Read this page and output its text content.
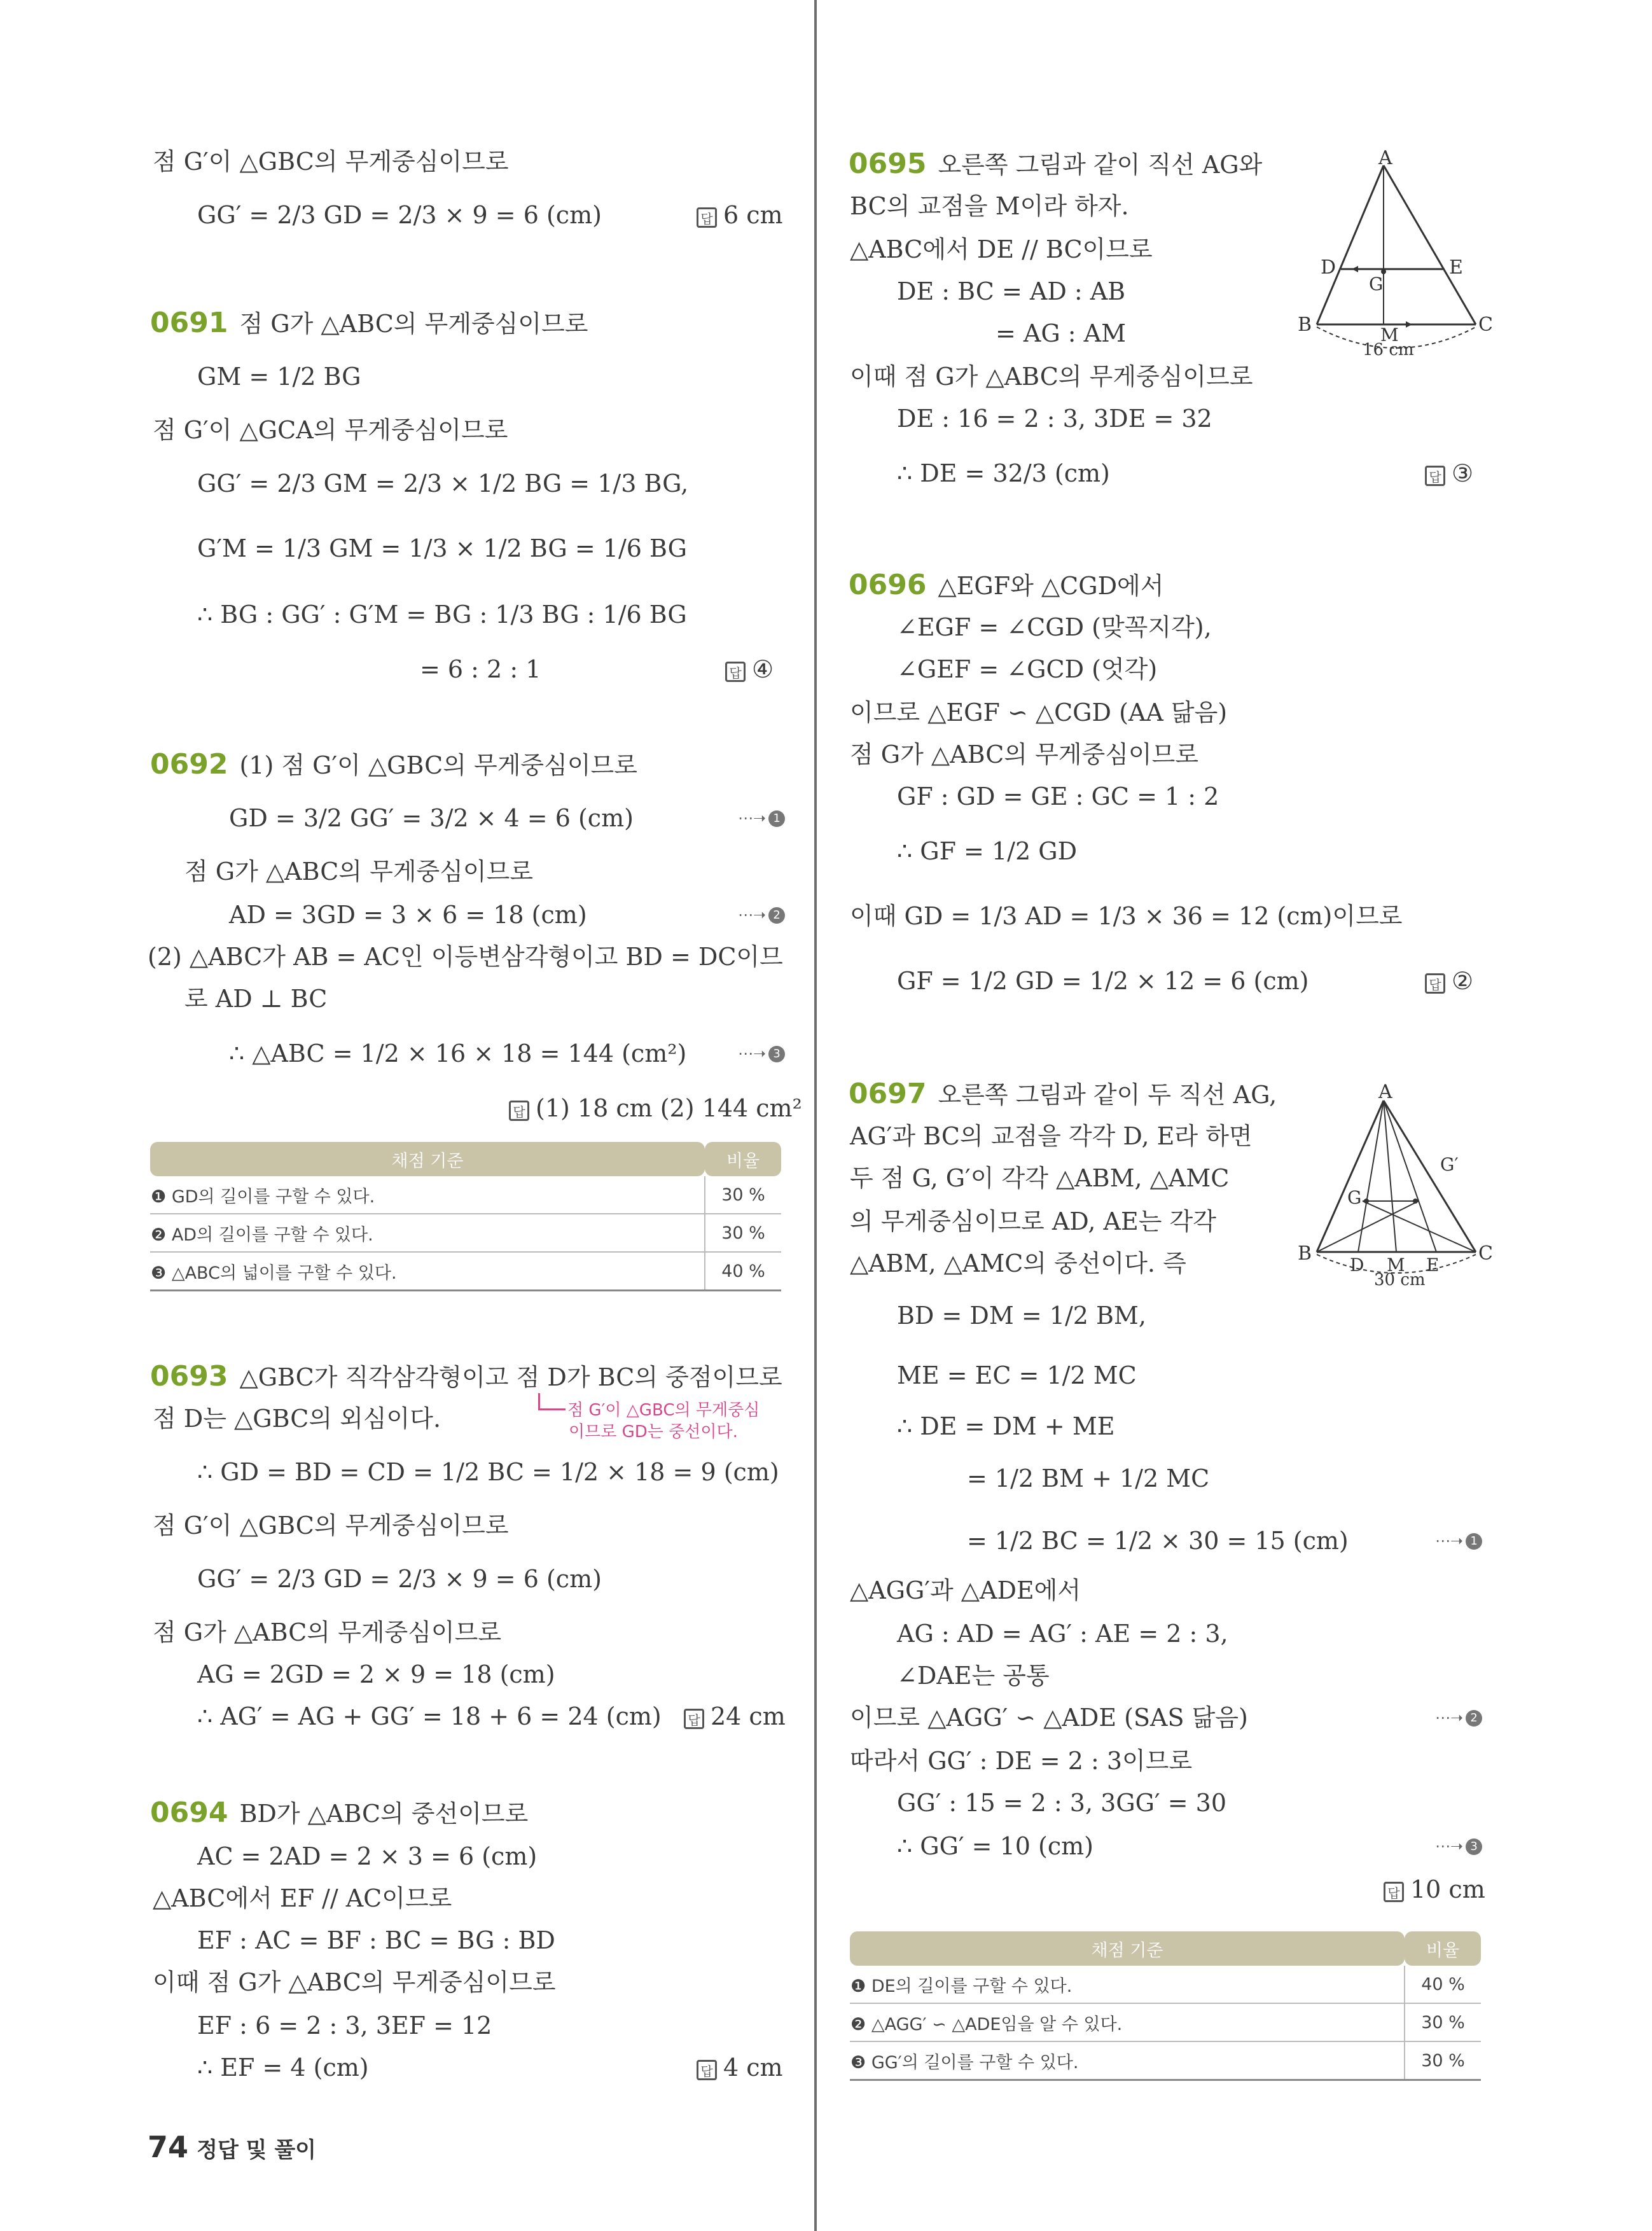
점 G′이 △GBC의 무게중심이므로
GG′ = 2/3 GD = 2/3 × 9 = 6 (cm)	답 6 cm
0691 점 G가 △ABC의 무게중심이므로
GM = 1/2 BG
점 G′이 △GCA의 무게중심이므로
GG′ = 2/3 GM = 2/3 × 1/2 BG = 1/3 BG,
G′M = 1/3 GM = 1/3 × 1/2 BG = 1/6 BG
∴ BG : GG′ : G′M = BG : 1/3 BG : 1/6 BG
= 6 : 2 : 1	답 ④
0692 (1) 점 G′이 △GBC의 무게중심이므로
GD = 3/2 GG′ = 3/2 × 4 = 6 (cm)	⋯➝ 1
점 G가 △ABC의 무게중심이므로
AD = 3GD = 3 × 6 = 18 (cm)	⋯➝ 2
(2) △ABC가 AB = AC인 이등변삼각형이고 BD = DC이므
로 AD ⊥ BC
∴ △ABC = 1/2 × 16 × 18 = 144 (cm²)	⋯➝ 3
답 (1) 18 cm (2) 144 cm²
채점 기준	비율
❶ GD의 길이를 구할 수 있다.	30 %
❷ AD의 길이를 구할 수 있다.	30 %
❸ △ABC의 넓이를 구할 수 있다.	40 %
0693 △GBC가 직각삼각형이고 점 D가 BC의 중점이므로
점 D는 △GBC의 외심이다.	점 G′이 △GBC의 무게중심
이므로 GD는 중선이다.
∴ GD = BD = CD = 1/2 BC = 1/2 × 18 = 9 (cm)
점 G′이 △GBC의 무게중심이므로
GG′ = 2/3 GD = 2/3 × 9 = 6 (cm)
점 G가 △ABC의 무게중심이므로
AG = 2GD = 2 × 9 = 18 (cm)
∴ AG′ = AG + GG′ = 18 + 6 = 24 (cm)	답 24 cm
0694 BD가 △ABC의 중선이므로
AC = 2AD = 2 × 3 = 6 (cm)
△ABC에서 EF // AC이므로
EF : AC = BF : BC = BG : BD
이때 점 G가 △ABC의 무게중심이므로
EF : 6 = 2 : 3, 3EF = 12
∴ EF = 4 (cm)	답 4 cm
0695 오른쪽 그림과 같이 직선 AG와
BC의 교점을 M이라 하자.
△ABC에서 DE // BC이므로
DE : BC = AD : AB
= AG : AM
이때 점 G가 △ABC의 무게중심이므로
DE : 16 = 2 : 3, 3DE = 32
∴ DE = 32/3 (cm)	답 ③
A
B	C
D	E
G
M
16 cm
0696 △EGF와 △CGD에서
∠EGF = ∠CGD (맞꼭지각),
∠GEF = ∠GCD (엇각)
이므로 △EGF ∽ △CGD (AA 닮음)
점 G가 △ABC의 무게중심이므로
GF : GD = GE : GC = 1 : 2
∴ GF = 1/2 GD
이때 GD = 1/3 AD = 1/3 × 36 = 12 (cm)이므로
GF = 1/2 GD = 1/2 × 12 = 6 (cm)	답 ②
0697 오른쪽 그림과 같이 두 직선 AG,
AG′과 BC의 교점을 각각 D, E라 하면
두 점 G, G′이 각각 △ABM, △AMC
의 무게중심이므로 AD, AE는 각각
△ABM, △AMC의 중선이다. 즉
BD = DM = 1/2 BM,
ME = EC = 1/2 MC
∴ DE = DM + ME
= 1/2 BM + 1/2 MC
= 1/2 BC = 1/2 × 30 = 15 (cm)	⋯➝ 1
△AGG′과 △ADE에서
AG : AD = AG′ : AE = 2 : 3,
∠DAE는 공통
이므로 △AGG′ ∽ △ADE (SAS 닮음)	⋯➝ 2
따라서 GG′ : DE = 2 : 3이므로
GG′ : 15 = 2 : 3, 3GG′ = 30
∴ GG′ = 10 (cm)	⋯➝ 3
답 10 cm
A
B	C
D M E
G
G′
30 cm
채점 기준	비율
❶ DE의 길이를 구할 수 있다.	40 %
❷ △AGG′ ∽ △ADE임을 알 수 있다.	30 %
❸ GG′의 길이를 구할 수 있다.	30 %
74 정답 및 풀이
